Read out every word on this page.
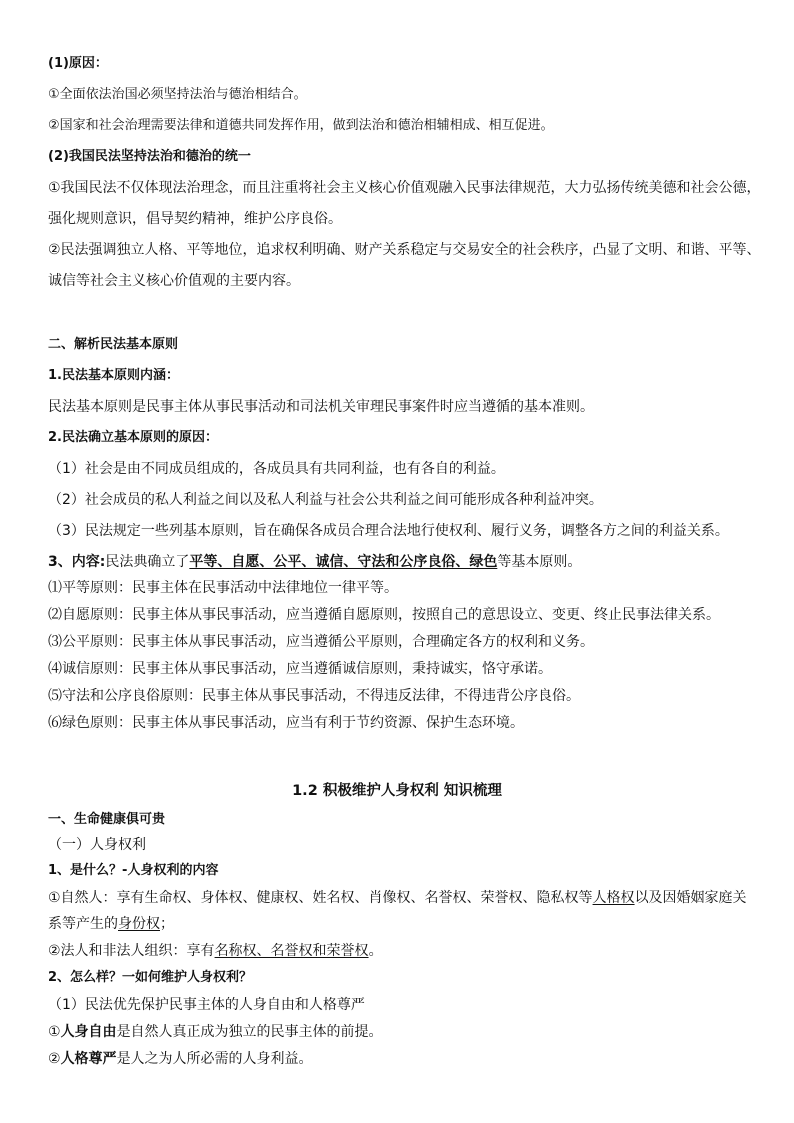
(1)原因：
①全面依法治国必须坚持法治与德治相结合。
②国家和社会治理需要法律和道德共同发挥作用，做到法治和德治相辅相成、相互促进。
(2)我国民法坚持法治和德治的统一
①我国民法不仅体现法治理念，而且注重将社会主义核心价值观融入民事法律规范，大力弘扬传统美德和社会公德，
强化规则意识，倡导契约精神，维护公序良俗。
②民法强调独立人格、平等地位，追求权利明确、财产关系稳定与交易安全的社会秩序，凸显了文明、和谐、平等、
诚信等社会主义核心价值观的主要内容。
二、解析民法基本原则
1.民法基本原则内涵：
民法基本原则是民事主体从事民事活动和司法机关审理民事案件时应当遵循的基本准则。
2.民法确立基本原则的原因：
（1）社会是由不同成员组成的，各成员具有共同利益，也有各自的利益。
（2）社会成员的私人利益之间以及私人利益与社会公共利益之间可能形成各种利益冲突。
（3）民法规定一些列基本原则，旨在确保各成员合理合法地行使权利、履行义务，调整各方之间的利益关系。
3、内容:民法典确立了平等、自愿、公平、诚信、守法和公序良俗、绿色等基本原则。
⑴平等原则：民事主体在民事活动中法律地位一律平等。
⑵自愿原则：民事主体从事民事活动，应当遵循自愿原则，按照自己的意思设立、变更、终止民事法律关系。
⑶公平原则：民事主体从事民事活动，应当遵循公平原则，合理确定各方的权利和义务。
⑷诚信原则：民事主体从事民事活动，应当遵循诚信原则，秉持诚实，恪守承诺。
⑸守法和公序良俗原则：民事主体从事民事活动，不得违反法律，不得违背公序良俗。
⑹绿色原则：民事主体从事民事活动，应当有利于节约资源、保护生态环境。
1.2 积极维护人身权利 知识梳理
一、生命健康俱可贵
（一）人身权利
1、是什么？-人身权利的内容
①自然人：享有生命权、身体权、健康权、姓名权、肖像权、名誉权、荣誉权、隐私权等人格权以及因婚姻家庭关
系等产生的身份权；
②法人和非法人组织：享有名称权、名誉权和荣誉权。
2、怎么样？一如何维护人身权利？
（1）民法优先保护民事主体的人身自由和人格尊严
①人身自由是自然人真正成为独立的民事主体的前提。
②人格尊严是人之为人所必需的人身利益。
